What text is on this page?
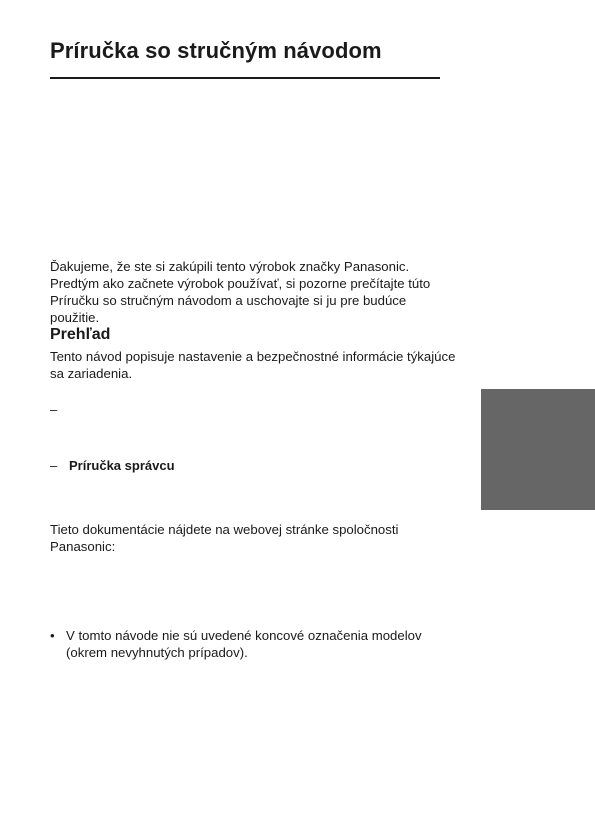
Príručka so stručným návodom
Ďakujeme, že ste si zakúpili tento výrobok značky Panasonic.
Predtým ako začnete výrobok používať, si pozorne prečítajte túto
Príručku so stručným návodom a uschovajte si ju pre budúce
použitie.
Prehľad
Tento návod popisuje nastavenie a bezpečnostné informácie týkajúce
sa zariadenia.
–
– Príručka správcu
Tieto dokumentácie nájdete na webovej stránke spoločnosti
Panasonic:
• V tomto návode nie sú uvedené koncové označenia modelov
(okrem nevyhnutých prípadov).
